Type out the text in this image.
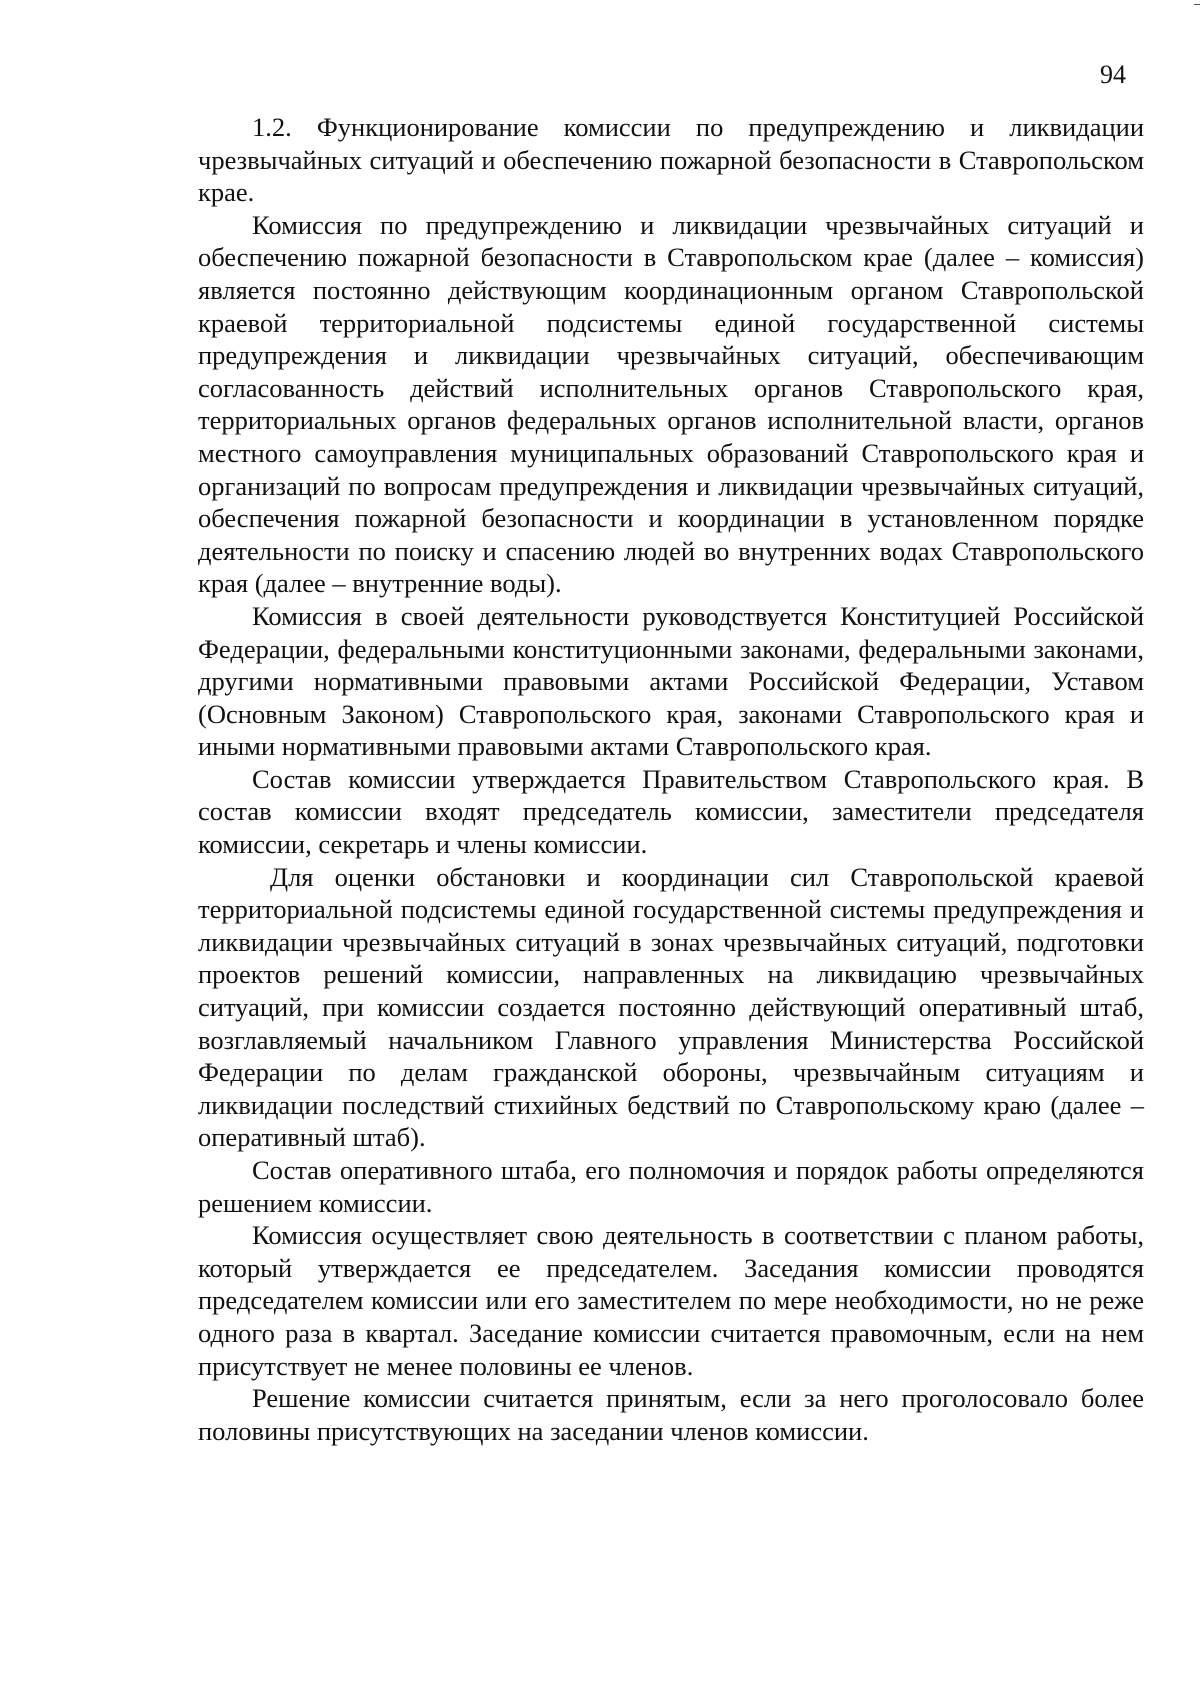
94

1.2. Функционирование комиссии по предупреждению и ликвидации чрезвычайных ситуаций и обеспечению пожарной безопасности в Ставропольском крае.

Комиссия по предупреждению и ликвидации чрезвычайных ситуаций и обеспечению пожарной безопасности в Ставропольском крае (далее – комиссия) является постоянно действующим координационным органом Ставропольской краевой территориальной подсистемы единой государственной системы предупреждения и ликвидации чрезвычайных ситуаций, обеспечивающим согласованность действий исполнительных органов Ставропольского края, территориальных органов федеральных органов исполнительной власти, органов местного самоуправления муниципальных образований Ставропольского края и организаций по вопросам предупреждения и ликвидации чрезвычайных ситуаций, обеспечения пожарной безопасности и координации в установленном порядке деятельности по поиску и спасению людей во внутренних водах Ставропольского края (далее – внутренние воды).

Комиссия в своей деятельности руководствуется Конституцией Российской Федерации, федеральными конституционными законами, федеральными законами, другими нормативными правовыми актами Российской Федерации, Уставом (Основным Законом) Ставропольского края, законами Ставропольского края и иными нормативными правовыми актами Ставропольского края.

Состав комиссии утверждается Правительством Ставропольского края. В состав комиссии входят председатель комиссии, заместители председателя комиссии, секретарь и члены комиссии.

Для оценки обстановки и координации сил Ставропольской краевой территориальной подсистемы единой государственной системы предупреждения и ликвидации чрезвычайных ситуаций в зонах чрезвычайных ситуаций, подготовки проектов решений комиссии, направленных на ликвидацию чрезвычайных ситуаций, при комиссии создается постоянно действующий оперативный штаб, возглавляемый начальником Главного управления Министерства Российской Федерации по делам гражданской обороны, чрезвычайным ситуациям и ликвидации последствий стихийных бедствий по Ставропольскому краю (далее – оперативный штаб).

Состав оперативного штаба, его полномочия и порядок работы определяются решением комиссии.

Комиссия осуществляет свою деятельность в соответствии с планом работы, который утверждается ее председателем. Заседания комиссии проводятся председателем комиссии или его заместителем по мере необходимости, но не реже одного раза в квартал. Заседание комиссии считается правомочным, если на нем присутствует не менее половины ее членов.

Решение комиссии считается принятым, если за него проголосовало более половины присутствующих на заседании членов комиссии.
